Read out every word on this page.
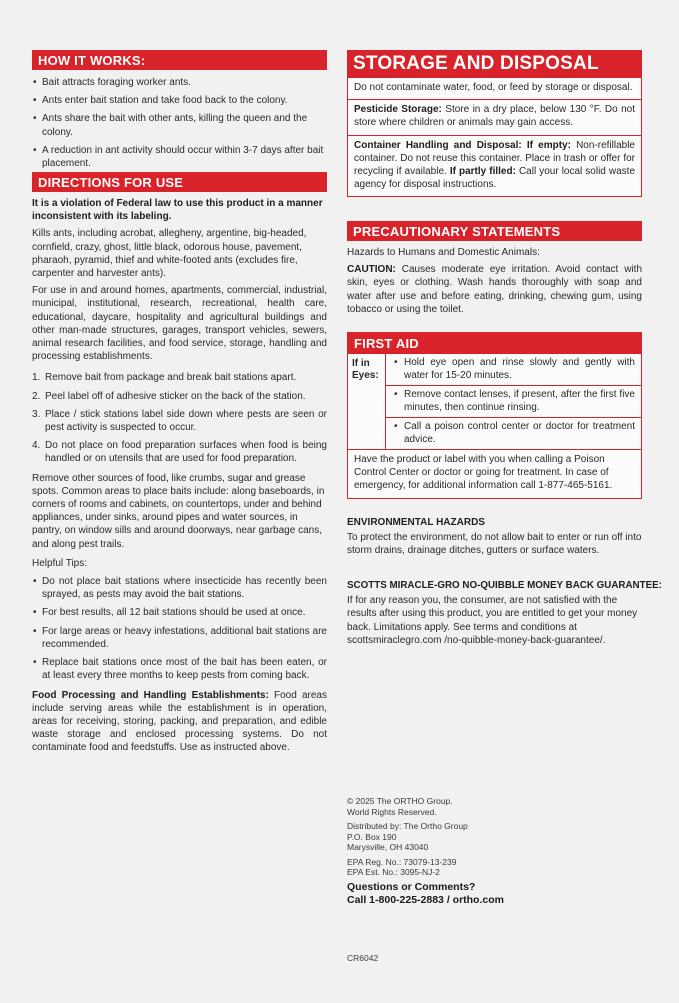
HOW IT WORKS:
• Bait attracts foraging worker ants.
• Ants enter bait station and take food back to the colony.
• Ants share the bait with other ants, killing the queen and the colony.
• A reduction in ant activity should occur within 3-7 days after bait placement.
DIRECTIONS FOR USE

It is a violation of Federal law to use this product in a manner inconsistent with its labeling.

Kills ants, including acrobat, allegheny, argentine, big-headed, cornfield, crazy, ghost, little black, odorous house, pavement, pharaoh, pyramid, thief and white-footed ants (excludes fire, carpenter and harvester ants).

For use in and around homes, apartments, commercial, industrial, municipal, institutional, research, recreational, health care, educational, daycare, hospitality and agricultural buildings and other man-made structures, garages, transport vehicles, sewers, animal research facilities, and food service, storage, handling and processing establishments.

1. Remove bait from package and break bait stations apart.
2. Peel label off of adhesive sticker on the back of the station.
3. Place / stick stations label side down where pests are seen or pest activity is suspected to occur.
4. Do not place on food preparation surfaces when food is being handled or on utensils that are used for food preparation.

Remove other sources of food, like crumbs, sugar and grease spots. Common areas to place baits include: along baseboards, in corners of rooms and cabinets, on countertops, under and behind appliances, under sinks, around pipes and water sources, in pantry, on window sills and around doorways, near garbage cans, and along pest trails.

Helpful Tips:

• Do not place bait stations where insecticide has recently been sprayed, as pests may avoid the bait stations.
• For best results, all 12 bait stations should be used at once.
• For large areas or heavy infestations, additional bait stations are recommended.
• Replace bait stations once most of the bait has been eaten, or at least every three months to keep pests from coming back.

Food Processing and Handling Establishments: Food areas include serving areas while the establishment is in operation, areas for receiving, storing, packing, and preparation, and edible waste storage and enclosed processing systems. Do not contaminate food and feedstuffs. Use as instructed above.

STORAGE AND DISPOSAL
Do not contaminate water, food, or feed by storage or disposal.
Pesticide Storage: Store in a dry place, below 130 °F. Do not store where children or animals may gain access.
Container Handling and Disposal: If empty: Non-refillable container. Do not reuse this container. Place in trash or offer for recycling if available. If partly filled: Call your local solid waste agency for disposal instructions.
PRECAUTIONARY STATEMENTS

Hazards to Humans and Domestic Animals:

CAUTION: Causes moderate eye irritation. Avoid contact with skin, eyes or clothing. Wash hands thoroughly with soap and water after use and before eating, drinking, chewing gum, using tobacco or using the toilet.

FIRST AID
If in Eyes:
• Hold eye open and rinse slowly and gently with water for 15-20 minutes.
• Remove contact lenses, if present, after the first five minutes, then continue rinsing.
• Call a poison control center or doctor for treatment advice.
Have the product or label with you when calling a Poison Control Center or doctor or going for treatment. In case of emergency, for additional information call 1-877-465-5161.

ENVIRONMENTAL HAZARDS

To protect the environment, do not allow bait to enter or run off into storm drains, drainage ditches, gutters or surface waters.

SCOTTS MIRACLE-GRO NO-QUIBBLE MONEY BACK GUARANTEE:

If for any reason you, the consumer, are not satisfied with the results after using this product, you are entitled to get your money back. Limitations apply. See terms and conditions at scottsmiraclegro.com /no-quibble-money-back-guarantee/.

© 2025 The ORTHO Group.
World Rights Reserved.
Distributed by: The Ortho Group
P.O. Box 190
Marysville, OH 43040
EPA Reg. No.: 73079-13-239
EPA Est. No.: 3095-NJ-2
Questions or Comments?
Call 1-800-225-2883 / ortho.com
CR6042
